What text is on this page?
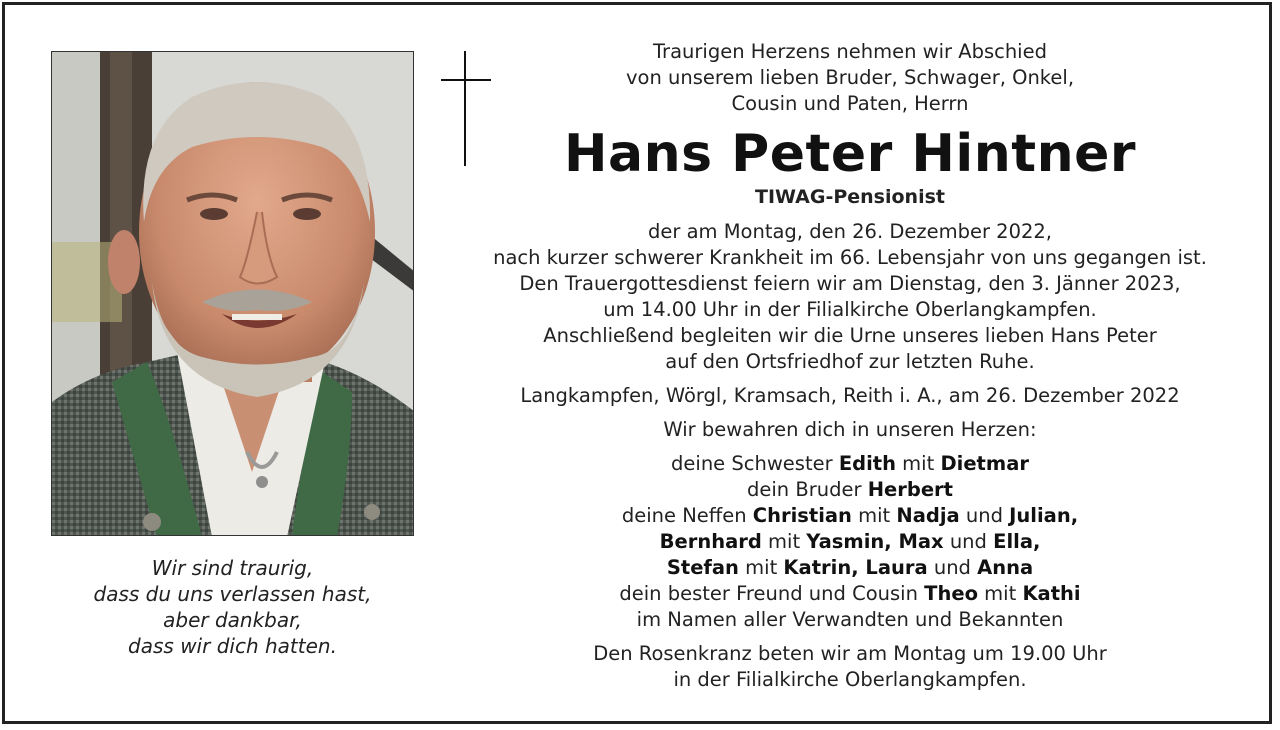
Wir sind traurig,
dass du uns verlassen hast,
aber dankbar,
dass wir dich hatten.
Traurigen Herzens nehmen wir Abschied
von unserem lieben Bruder, Schwager, Onkel,
Cousin und Paten, Herrn
Hans Peter Hintner
TIWAG-Pensionist
der am Montag, den 26. Dezember 2022,
nach kurzer schwerer Krankheit im 66. Lebensjahr von uns gegangen ist.
Den Trauergottesdienst feiern wir am Dienstag, den 3. Jänner 2023,
um 14.00 Uhr in der Filialkirche Oberlangkampfen.
Anschließend begleiten wir die Urne unseres lieben Hans Peter
auf den Ortsfriedhof zur letzten Ruhe.
Langkampfen, Wörgl, Kramsach, Reith i. A., am 26. Dezember 2022
Wir bewahren dich in unseren Herzen:
deine Schwester Edith mit Dietmar
dein Bruder Herbert
deine Neffen Christian mit Nadja und Julian,
Bernhard mit Yasmin, Max und Ella,
Stefan mit Katrin, Laura und Anna
dein bester Freund und Cousin Theo mit Kathi
im Namen aller Verwandten und Bekannten
Den Rosenkranz beten wir am Montag um 19.00 Uhr
in der Filialkirche Oberlangkampfen.
